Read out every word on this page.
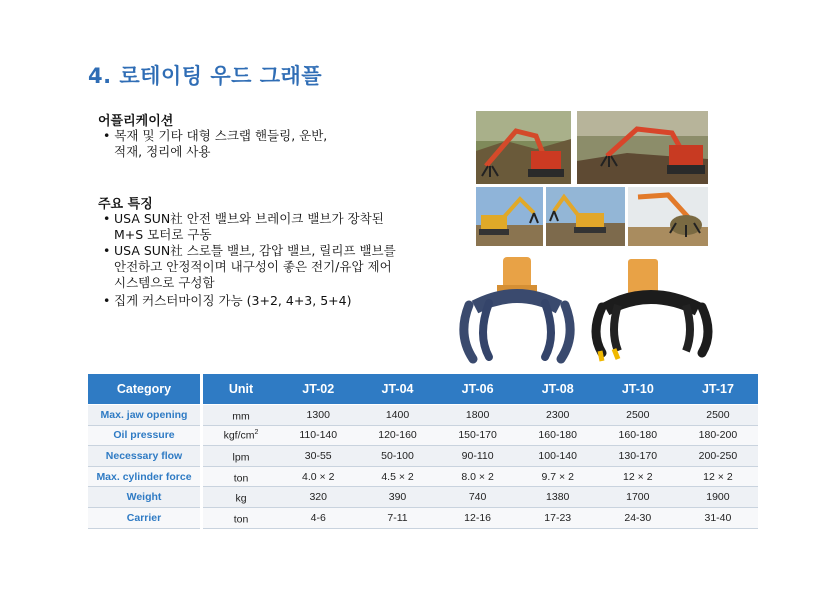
4. 로테이팅 우드 그래플
어플리케이션
• 목재 및 기타 대형 스크랩 핸들링, 운반,
적재, 정리에 사용
주요 특징
• USA SUN社 안전 밸브와 브레이크 밸브가 장착된
M+S 모터로 구동
• USA SUN社 스로틀 밸브, 감압 밸브, 릴리프 밸브를
안전하고 안정적이며 내구성이 좋은 전기/유압 제어
시스템으로 구성함
• 집게 커스터마이징 가능 (3+2, 4+3, 5+4)
Category	Unit	JT-02	JT-04	JT-06	JT-08	JT-10	JT-17
Max. jaw opening	mm	1300	1400	1800	2300	2500	2500
Oil pressure	kgf/$cm^2$	110-140	120-160	150-170	160-180	160-180	180-200
Necessary flow	lpm	30-55	50-100	90-110	100-140	130-170	200-250
Max. cylinder force	ton	4.0 × 2	4.5 × 2	8.0 × 2	9.7 × 2	12 × 2	12 × 2
Weight	kg	320	390	740	1380	1700	1900
Carrier	ton	4-6	7-11	12-16	17-23	24-30	31-40
